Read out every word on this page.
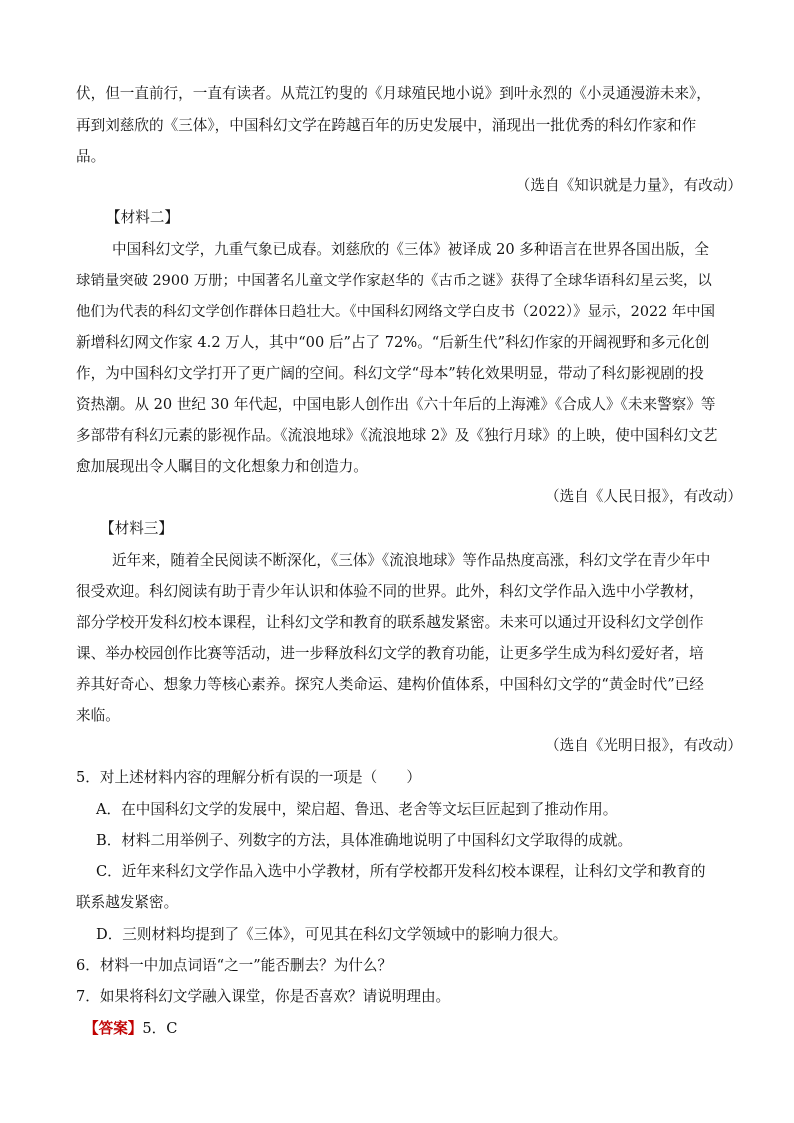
伏，但一直前行，一直有读者。从荒江钓叟的《月球殖民地小说》到叶永烈的《小灵通漫游未来》，
再到刘慈欣的《三体》，中国科幻文学在跨越百年的历史发展中，涌现出一批优秀的科幻作家和作
品。
（选自《知识就是力量》，有改动）
【材料二】
中国科幻文学，九重气象已成春。刘慈欣的《三体》被译成 20 多种语言在世界各国出版，全
球销量突破 2900 万册；中国著名儿童文学作家赵华的《古币之谜》获得了全球华语科幻星云奖，以
他们为代表的科幻文学创作群体日趋壮大。《中国科幻网络文学白皮书（2022）》显示，2022 年中国
新增科幻网文作家 4.2 万人，其中“00 后”占了 72%。“后新生代”科幻作家的开阔视野和多元化创
作，为中国科幻文学打开了更广阔的空间。科幻文学“母本”转化效果明显，带动了科幻影视剧的投
资热潮。从 20 世纪 30 年代起，中国电影人创作出《六十年后的上海滩》《合成人》《未来警察》等
多部带有科幻元素的影视作品。《流浪地球》《流浪地球 2》及《独行月球》的上映，使中国科幻文艺
愈加展现出令人瞩目的文化想象力和创造力。
（选自《人民日报》，有改动）
【材料三】
近年来，随着全民阅读不断深化，《三体》《流浪地球》等作品热度高涨，科幻文学在青少年中
很受欢迎。科幻阅读有助于青少年认识和体验不同的世界。此外，科幻文学作品入选中小学教材，
部分学校开发科幻校本课程，让科幻文学和教育的联系越发紧密。未来可以通过开设科幻文学创作
课、举办校园创作比赛等活动，进一步释放科幻文学的教育功能，让更多学生成为科幻爱好者，培
养其好奇心、想象力等核心素养。探究人类命运、建构价值体系，中国科幻文学的“黄金时代”已经
来临。
（选自《光明日报》，有改动）
5．对上述材料内容的理解分析有误的一项是（　　）
A．在中国科幻文学的发展中，梁启超、鲁迅、老舍等文坛巨匠起到了推动作用。
B．材料二用举例子、列数字的方法，具体准确地说明了中国科幻文学取得的成就。
C．近年来科幻文学作品入选中小学教材，所有学校都开发科幻校本课程，让科幻文学和教育的
联系越发紧密。
D．三则材料均提到了《三体》，可见其在科幻文学领域中的影响力很大。
6．材料一中加点词语“之一”能否删去？为什么？
7．如果将科幻文学融入课堂，你是否喜欢？请说明理由。
【答案】5．C
